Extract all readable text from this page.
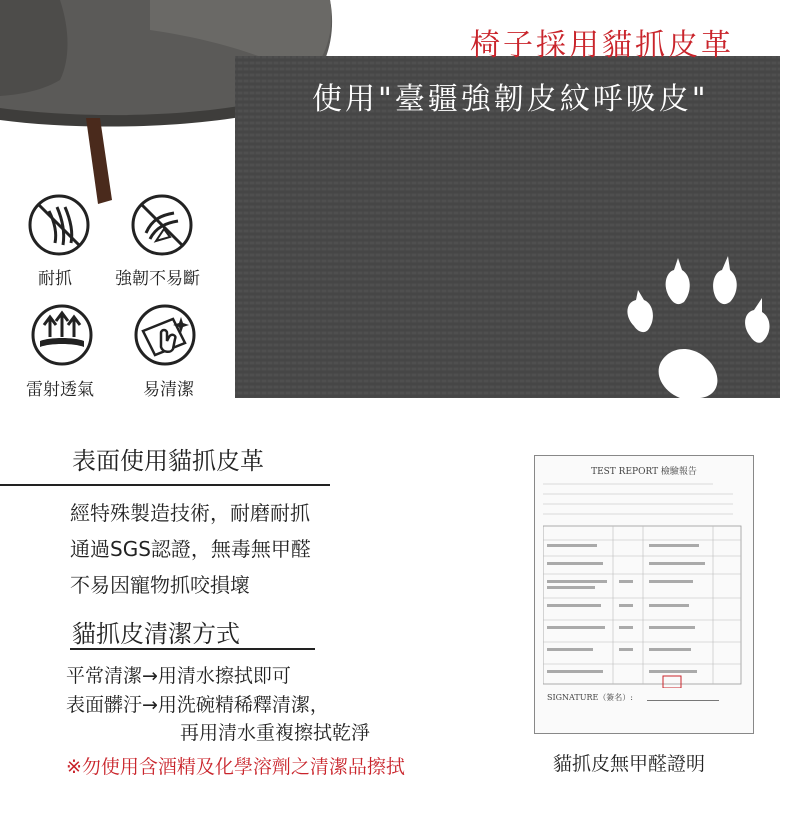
椅子採用貓抓皮革
使用"臺疆強韌皮紋呼吸皮"
耐抓	強韌不易斷
雷射透氣	易清潔
表面使用貓抓皮革
經特殊製造技術，耐磨耐抓
通過SGS認證，無毒無甲醛
不易因寵物抓咬損壞
貓抓皮清潔方式
平常清潔→用清水擦拭即可
表面髒汙→用洗碗精稀釋清潔，
再用清水重複擦拭乾淨
※勿使用含酒精及化學溶劑之清潔品擦拭
TEST REPORT 檢驗報告
SIGNATURE（簽名）:
貓抓皮無甲醛證明
